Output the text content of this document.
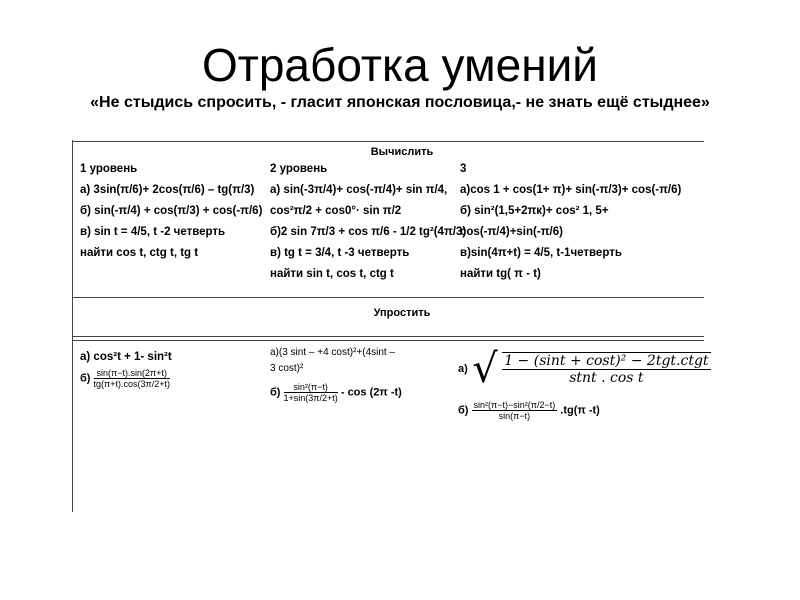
Отработка умений
«Не стыдись спросить, - гласит японская пословица,- не знать ещё стыднее»
Вычислить
1 уровень
а) 3sin(π/6)+ 2cos(π/6) – tg(π/3)
б) sin(-π/4) + cos(π/3) + cos(-π/6)
в) sin t = 4/5, t -2 четверть
найти cos t, ctg t, tg t
2 уровень
а) sin(-3π/4)+ cos(-π/4)+ sin π/4,
cos²π/2 + cos0°· sin π/2
б)2 sin 7π/3 + cos π/6 - 1/2 tg²(4π/3)
в) tg t = 3/4, t -3 четверть
найти sin t, cos t, ctg t
3
а)cos 1 + cos(1+ π)+ sin(-π/3)+ cos(-π/6)
б) sin²(1,5+2πк)+ cos² 1, 5+
cos(-π/4)+sin(-π/6)
в)sin(4π+t) = 4/5, t-1четверть
найти tg( π - t)
Упростить
а) cos²t + 1- sin²t
$б) \frac{\sin(\pi-t).\sin(2\pi+t)}{tg(\pi+t).\cos(3\pi/2+t)}$
а)(3 sint – +4 cost)²+(4sint –
3 cost)²
$б) \frac{\text{sin²(π−t)}}{1+\sin(3\pi/2+t)}$ - cos (2π -t)
а) √ $\frac{\text{1 − (sint + cost)² − 2tgt.ctgt}}{\text{stnt . cos t}}$
$б) \frac{\text{sin²(π−t)−sin²(π/2−t)}}{\sin(\pi-t)} .tg(\pi$ -t)
